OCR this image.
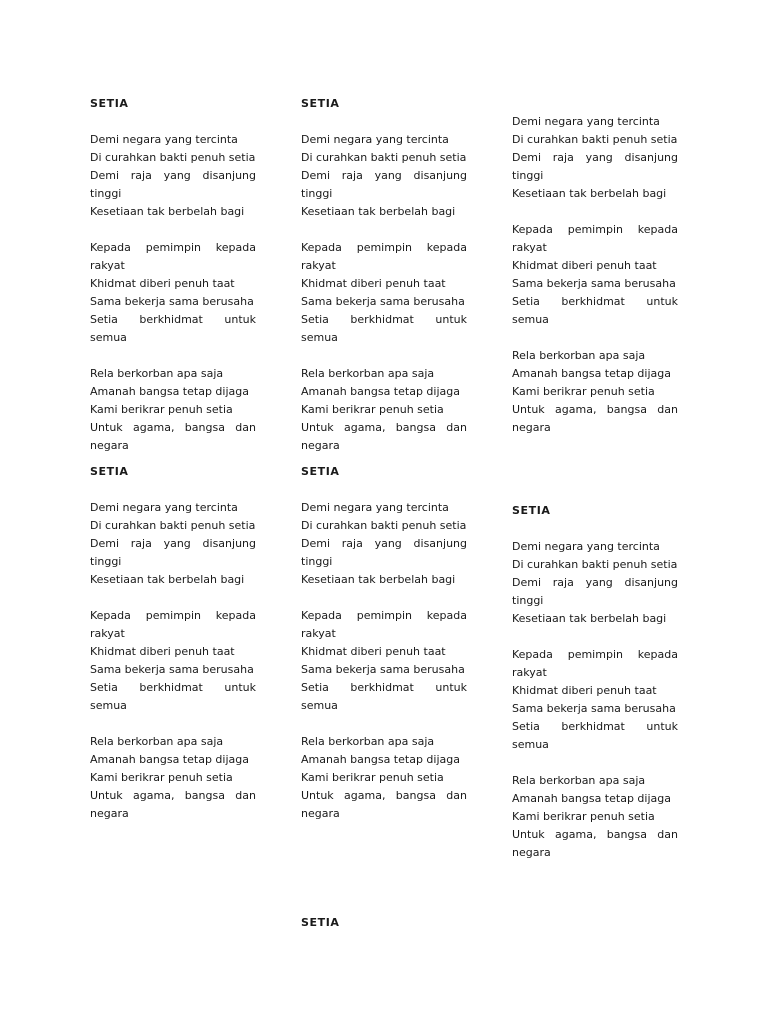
SETIA
Demi negara yang tercinta
Di curahkan bakti penuh setia
Demi raja yang disanjung
tinggi
Kesetiaan tak berbelah bagi
Kepada pemimpin kepada
rakyat
Khidmat diberi penuh taat
Sama bekerja sama berusaha
Setia berkhidmat untuk semua
Rela berkorban apa saja
Amanah bangsa tetap dijaga
Kami berikrar penuh setia
Untuk agama, bangsa dan
negara
SETIA
Demi negara yang tercinta
Di curahkan bakti penuh setia
Demi raja yang disanjung
tinggi
Kesetiaan tak berbelah bagi
Kepada pemimpin kepada
rakyat
Khidmat diberi penuh taat
Sama bekerja sama berusaha
Setia berkhidmat untuk semua
Rela berkorban apa saja
Amanah bangsa tetap dijaga
Kami berikrar penuh setia
Untuk agama, bangsa dan
negara
Demi negara yang tercinta
Di curahkan bakti penuh setia
Demi raja yang disanjung
tinggi
Kesetiaan tak berbelah bagi
Kepada pemimpin kepada
rakyat
Khidmat diberi penuh taat
Sama bekerja sama berusaha
Setia berkhidmat untuk semua
Rela berkorban apa saja
Amanah bangsa tetap dijaga
Kami berikrar penuh setia
Untuk agama, bangsa dan
negara
SETIA
Demi negara yang tercinta
Di curahkan bakti penuh setia
Demi raja yang disanjung
tinggi
Kesetiaan tak berbelah bagi
Kepada pemimpin kepada
rakyat
Khidmat diberi penuh taat
Sama bekerja sama berusaha
Setia berkhidmat untuk semua
Rela berkorban apa saja
Amanah bangsa tetap dijaga
Kami berikrar penuh setia
Untuk agama, bangsa dan
negara
SETIA
Demi negara yang tercinta
Di curahkan bakti penuh setia
Demi raja yang disanjung
tinggi
Kesetiaan tak berbelah bagi
Kepada pemimpin kepada
rakyat
Khidmat diberi penuh taat
Sama bekerja sama berusaha
Setia berkhidmat untuk semua
Rela berkorban apa saja
Amanah bangsa tetap dijaga
Kami berikrar penuh setia
Untuk agama, bangsa dan
negara
SETIA
Demi negara yang tercinta
Di curahkan bakti penuh setia
Demi raja yang disanjung
tinggi
Kesetiaan tak berbelah bagi
Kepada pemimpin kepada
rakyat
Khidmat diberi penuh taat
Sama bekerja sama berusaha
Setia berkhidmat untuk semua
Rela berkorban apa saja
Amanah bangsa tetap dijaga
Kami berikrar penuh setia
Untuk agama, bangsa dan
negara
SETIA
